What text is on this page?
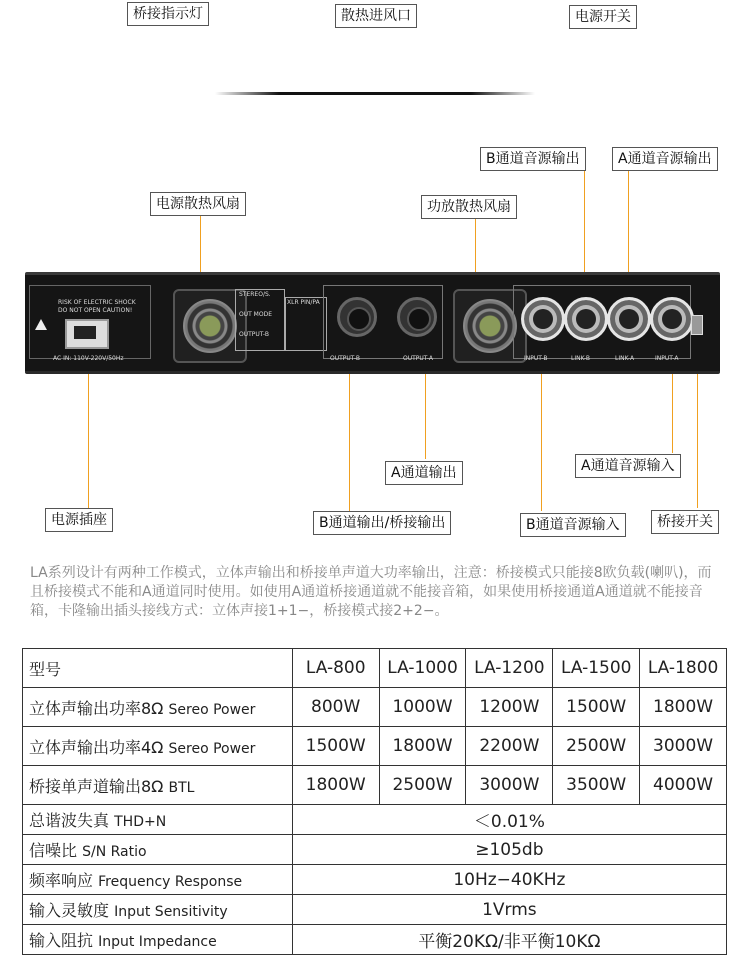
桥接指示灯	散热进风口	电源开关
RISK OF ELECTRIC SHOCK
DO NOT OPEN CAUTION!
AC IN: 110V-220V/50Hz
STEREO/S.
OUT MODE
OUTPUT-B
XLR PIN/PA
OUTPUT-B	OUTPUT-A	INPUT-B	LINK-B	LINK-A	INPUT-A
电源散热风扇	功放散热风扇
B通道音源输出	A通道音源输出
A通道输出	A通道音源输入
电源插座	B通道输出/桥接输出	B通道音源输入	桥接开关
LA系列设计有两种工作模式，立体声输出和桥接单声道大功率输出，注意：桥接模式只能接8欧负载(喇叭)，而且桥接模式不能和A通道同时使用。如使用A通道桥接通道就不能接音箱，如果使用桥接通道A通道就不能接音箱，卡隆输出插头接线方式：立体声接1+1−，桥接模式接2+2−。
型号	LA-800	LA-1000	LA-1200	LA-1500	LA-1800
立体声输出功率8Ω Sereo Power	800W	1000W	1200W	1500W	1800W
立体声输出功率4Ω Sereo Power	1500W	1800W	2200W	2500W	3000W
桥接单声道输出8Ω BTL	1800W	2500W	3000W	3500W	4000W
总谐波失真 THD+N	＜0.01%				
信噪比 S/N Ratio	≥105db				
频率响应 Frequency Response	10Hz−40KHz				
输入灵敏度 Input Sensitivity	1Vrms				
输入阻抗 Input Impedance	平衡20KΩ/非平衡10KΩ				
